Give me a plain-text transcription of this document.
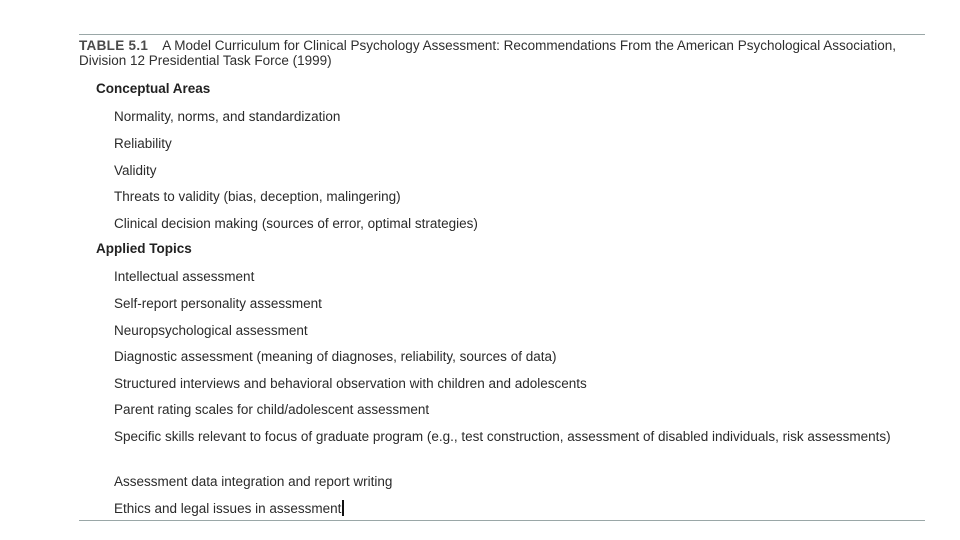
TABLE 5.1 A Model Curriculum for Clinical Psychology Assessment: Recommendations From the American Psychological Association, Division 12 Presidential Task Force (1999)
Conceptual Areas
Normality, norms, and standardization
Reliability
Validity
Threats to validity (bias, deception, malingering)
Clinical decision making (sources of error, optimal strategies)
Applied Topics
Intellectual assessment
Self-report personality assessment
Neuropsychological assessment
Diagnostic assessment (meaning of diagnoses, reliability, sources of data)
Structured interviews and behavioral observation with children and adolescents
Parent rating scales for child/adolescent assessment
Specific skills relevant to focus of graduate program (e.g., test construction, assessment of disabled individuals, risk assessments)
Assessment data integration and report writing
Ethics and legal issues in assessment
